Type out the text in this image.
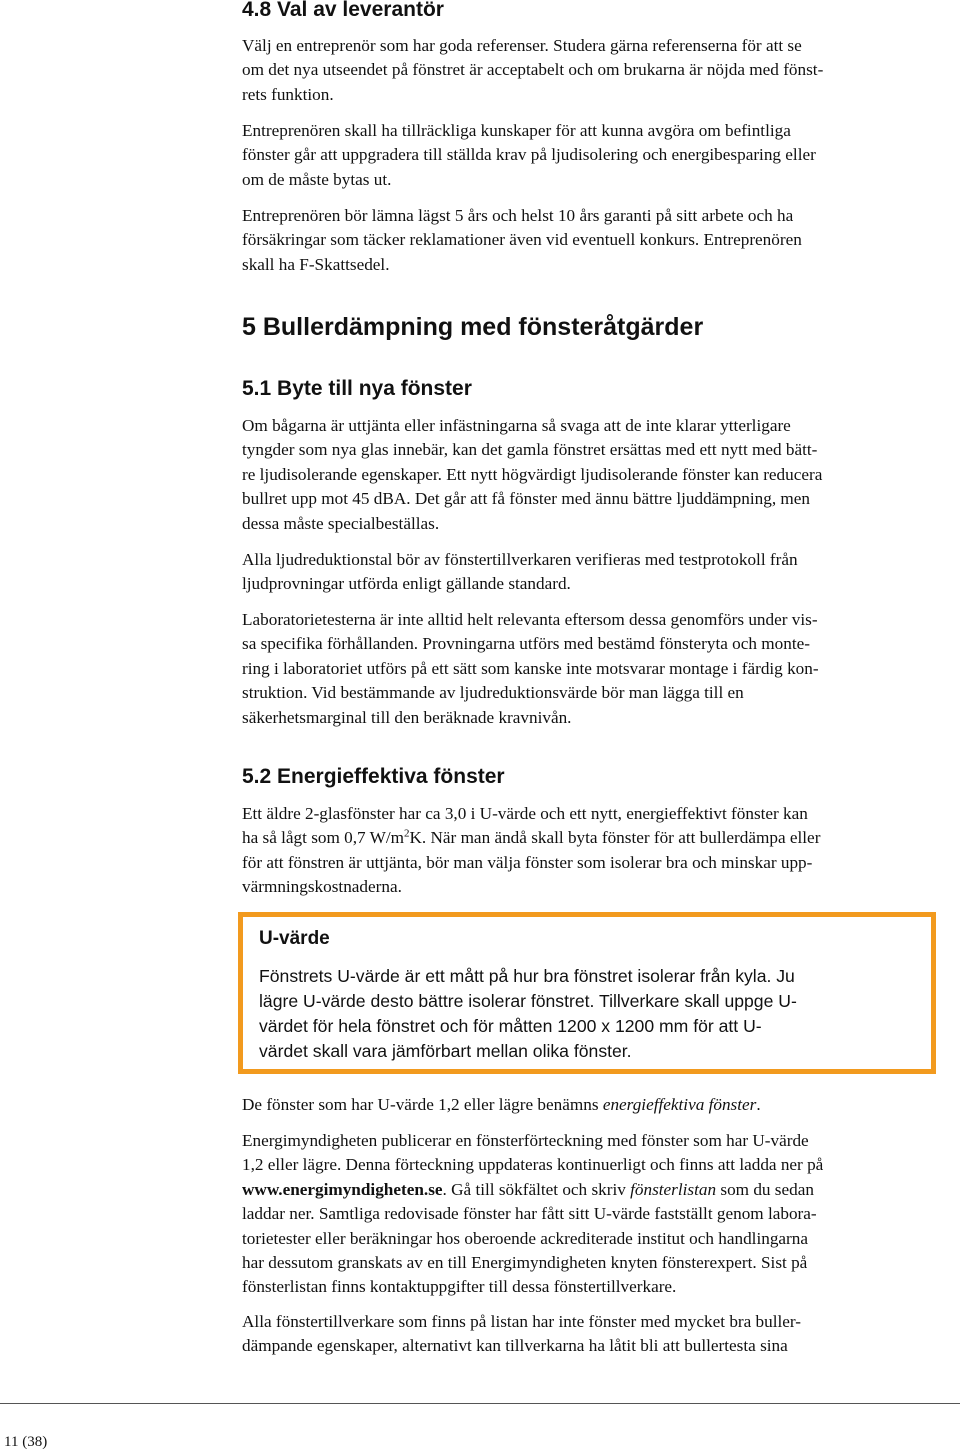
4.8 Val av leverantör

Välj en entreprenör som har goda referenser. Studera gärna referenserna för att se

om det nya utseendet på fönstret är acceptabelt och om brukarna är nöjda med fönst-

rets funktion.

Entreprenören skall ha tillräckliga kunskaper för att kunna avgöra om befintliga

fönster går att uppgradera till ställda krav på ljudisolering och energibesparing eller

om de måste bytas ut.

Entreprenören bör lämna lägst 5 års och helst 10 års garanti på sitt arbete och ha

försäkringar som täcker reklamationer även vid eventuell konkurs. Entreprenören

skall ha F-Skattsedel.

5 Bullerdämpning med fönsteråtgärder
5.1 Byte till nya fönster

Om bågarna är uttjänta eller infästningarna så svaga att de inte klarar ytterligare

tyngder som nya glas innebär, kan det gamla fönstret ersättas med ett nytt med bätt-

re ljudisolerande egenskaper. Ett nytt högvärdigt ljudisolerande fönster kan reducera

bullret upp mot 45 dBA. Det går att få fönster med ännu bättre ljuddämpning, men

dessa måste specialbeställas.

Alla ljudreduktionstal bör av fönstertillverkaren verifieras med testprotokoll från

ljudprovningar utförda enligt gällande standard.

Laboratorietesterna är inte alltid helt relevanta eftersom dessa genomförs under vis-

sa specifika förhållanden. Provningarna utförs med bestämd fönsteryta och monte-

ring i laboratoriet utförs på ett sätt som kanske inte motsvarar montage i färdig kon-

struktion. Vid bestämmande av ljudreduktionsvärde bör man lägga till en

säkerhetsmarginal till den beräknade kravnivån.

5.2 Energieffektiva fönster

Ett äldre 2-glasfönster har ca 3,0 i U-värde och ett nytt, energieffektivt fönster kan

ha så lågt som 0,7 $W/m^2K$. När man ändå skall byta fönster för att bullerdämpa eller

för att fönstren är uttjänta, bör man välja fönster som isolerar bra och minskar upp-

värmningskostnaderna.

U-värde
Fönstrets U-värde är ett mått på hur bra fönstret isolerar från kyla. Ju
lägre U-värde desto bättre isolerar fönstret. Tillverkare skall uppge U-
värdet för hela fönstret och för måtten 1200 x 1200 mm för att U-
värdet skall vara jämförbart mellan olika fönster.

De fönster som har U-värde 1,2 eller lägre benämns energieffektiva fönster.

Energimyndigheten publicerar en fönsterförteckning med fönster som har U-värde

1,2 eller lägre. Denna förteckning uppdateras kontinuerligt och finns att ladda ner på

www.energimyndigheten.se. Gå till sökfältet och skriv fönsterlistan som du sedan

laddar ner. Samtliga redovisade fönster har fått sitt U-värde fastställt genom labora-

torietester eller beräkningar hos oberoende ackrediterade institut och handlingarna

har dessutom granskats av en till Energimyndigheten knyten fönsterexpert. Sist på

fönsterlistan finns kontaktuppgifter till dessa fönstertillverkare.

Alla fönstertillverkare som finns på listan har inte fönster med mycket bra buller-

dämpande egenskaper, alternativt kan tillverkarna ha låtit bli att bullertesta sina

11 (38)
